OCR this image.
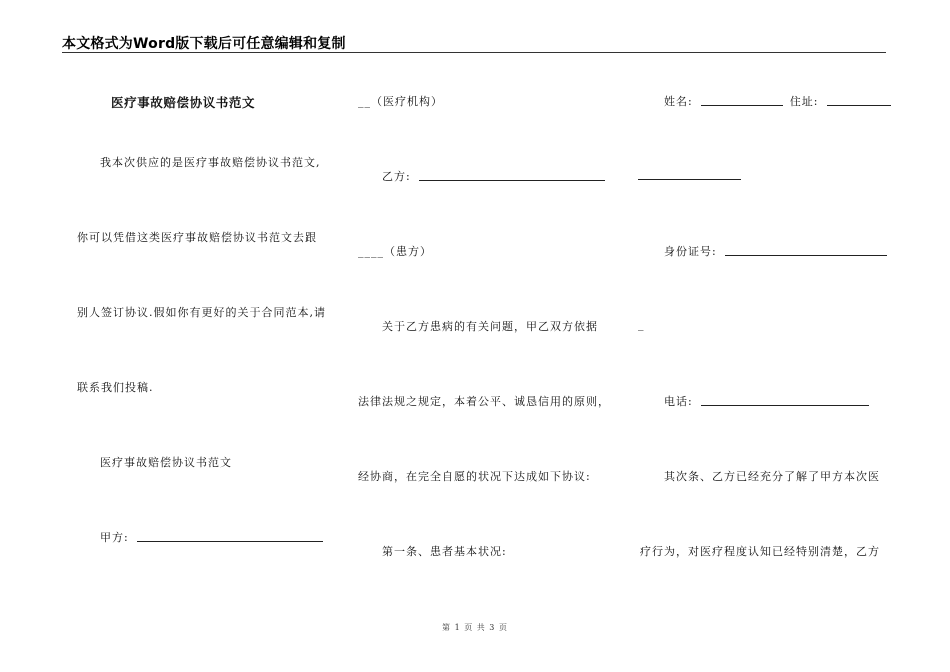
本文格式为Word版下载后可任意编辑和复制
医疗事故赔偿协议书范文
我本次供应的是医疗事故赔偿协议书范文,
你可以凭借这类医疗事故赔偿协议书范文去跟
别人签订协议.假如你有更好的关于合同范本,请
联系我们投稿.
医疗事故赔偿协议书范文
甲方:
__（医疗机构）
乙方:
____（患方）
关于乙方患病的有关问题，甲乙双方依据
法律法规之规定，本着公平、诚恳信用的原则，
经协商，在完全自愿的状况下达成如下协议:
第一条、患者基本状况:
姓名:	住址:
身份证号:
_
电话:
其次条、乙方已经充分了解了甲方本次医
疗行为，对医疗程度认知已经特别清楚，乙方
第 1 页 共 3 页
